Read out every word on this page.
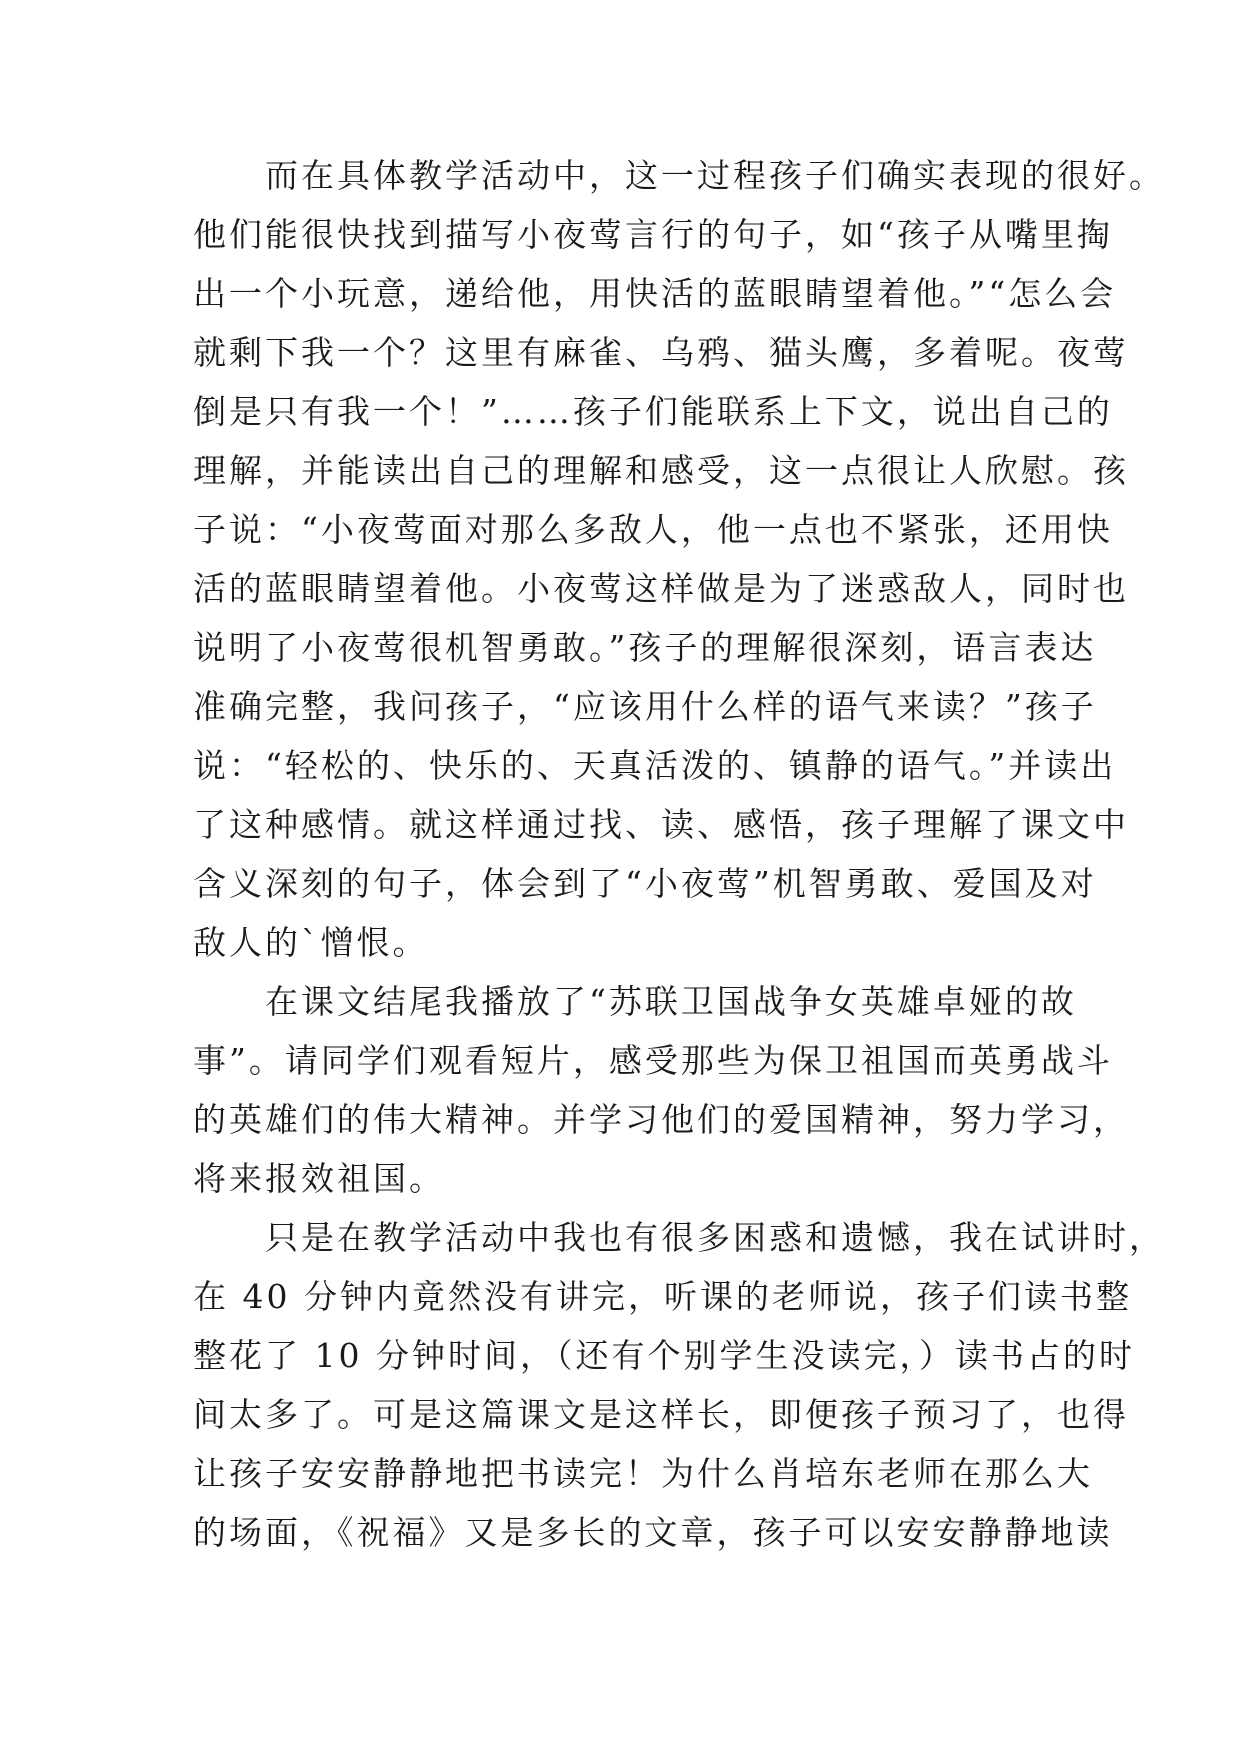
　　而在具体教学活动中，这一过程孩子们确实表现的很好。
他们能很快找到描写小夜莺言行的句子，如“孩子从嘴里掏
出一个小玩意，递给他，用快活的蓝眼睛望着他。”“怎么会
就剩下我一个？这里有麻雀、乌鸦、猫头鹰，多着呢。夜莺
倒是只有我一个！”……孩子们能联系上下文，说出自己的
理解，并能读出自己的理解和感受，这一点很让人欣慰。孩
子说：“小夜莺面对那么多敌人，他一点也不紧张，还用快
活的蓝眼睛望着他。小夜莺这样做是为了迷惑敌人，同时也
说明了小夜莺很机智勇敢。”孩子的理解很深刻，语言表达
准确完整，我问孩子，“应该用什么样的语气来读？”孩子
说：“轻松的、快乐的、天真活泼的、镇静的语气。”并读出
了这种感情。就这样通过找、读、感悟，孩子理解了课文中
含义深刻的句子，体会到了“小夜莺”机智勇敢、爱国及对
敌人的`憎恨。
　　在课文结尾我播放了“苏联卫国战争女英雄卓娅的故
事”。请同学们观看短片，感受那些为保卫祖国而英勇战斗
的英雄们的伟大精神。并学习他们的爱国精神，努力学习，
将来报效祖国。
　　只是在教学活动中我也有很多困惑和遗憾，我在试讲时，
在 40 分钟内竟然没有讲完，听课的老师说，孩子们读书整
整花了 10 分钟时间，（还有个别学生没读完，）读书占的时
间太多了。可是这篇课文是这样长，即便孩子预习了，也得
让孩子安安静静地把书读完！为什么肖培东老师在那么大
的场面，《祝福》又是多长的文章，孩子可以安安静静地读
